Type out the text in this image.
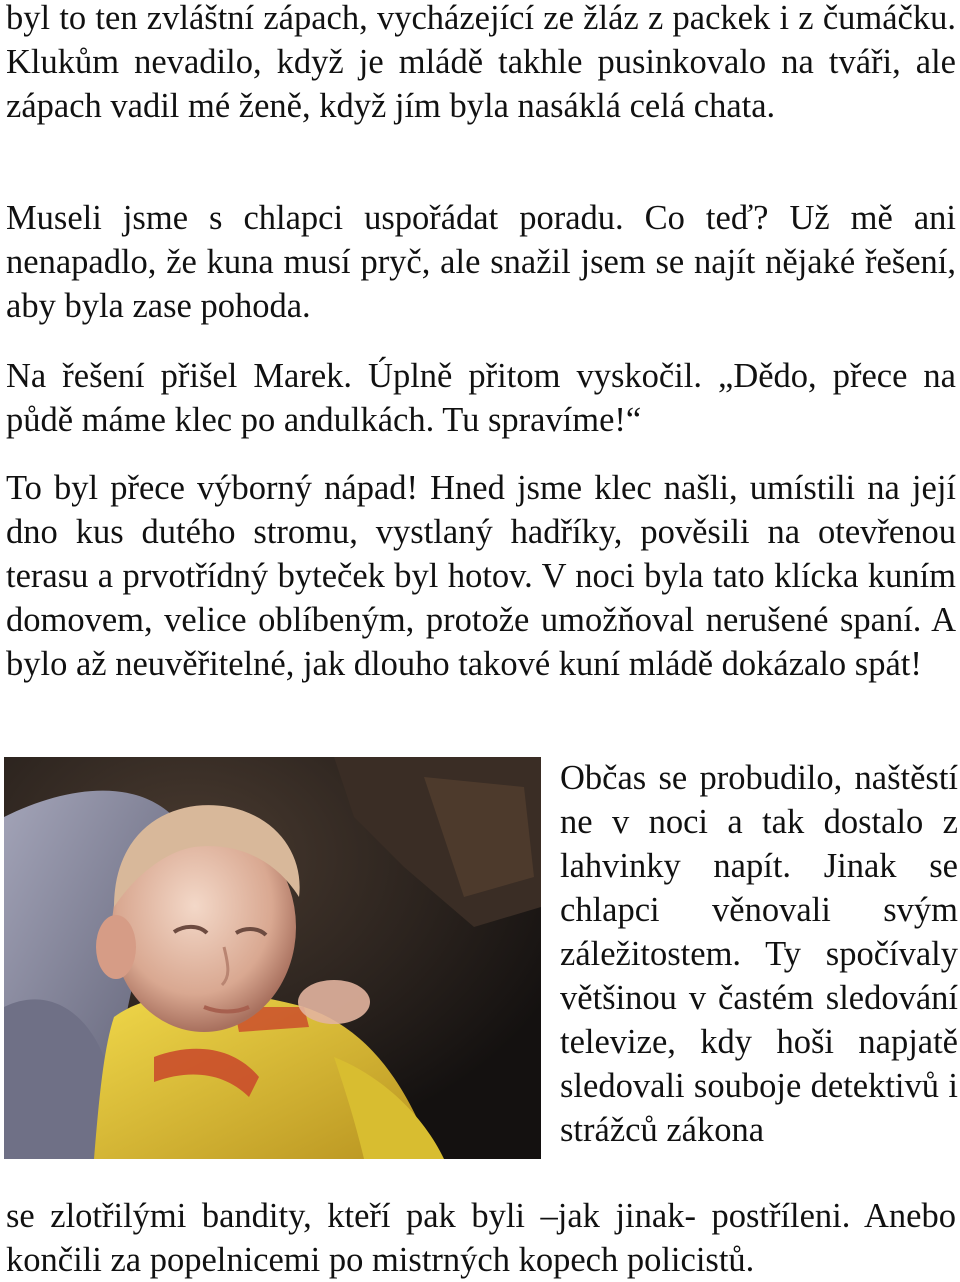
byl to ten zvláštní zápach, vycházející ze žláz z packek i z čumáčku. Klukům nevadilo, když je mládě takhle pusinkovalo na tváři, ale zápach vadil mé ženě, když jím byla nasáklá celá chata.

Museli jsme s chlapci uspořádat poradu. Co teď? Už mě ani nenapadlo, že kuna musí pryč, ale snažil jsem se najít nějaké řešení, aby byla zase pohoda.

Na řešení přišel Marek. Úplně přitom vyskočil. „Dědo, přece na půdě máme klec po andulkách. Tu spravíme!“

To byl přece výborný nápad! Hned jsme klec našli, umístili na její dno kus dutého stromu, vystlaný hadříky, pověsili na otevřenou terasu a prvotřídný byteček byl hotov. V noci byla tato klícka kuním domovem, velice oblíbeným, protože umožňoval nerušené spaní. A bylo až neuvěřitelné, jak dlouho takové kuní mládě dokázalo spát!

Občas se probudilo, naštěstí ne v noci a tak dostalo z lahvinky napít. Jinak se chlapci věnovali svým záležitostem. Ty spočívaly většinou v častém sledování televize, kdy hoši napjatě sledovali souboje detektivů i strážců zákona

se zlotřilými bandity, kteří pak byli –jak jinak- postříleni. Anebo končili za popelnicemi po mistrných kopech policistů.
